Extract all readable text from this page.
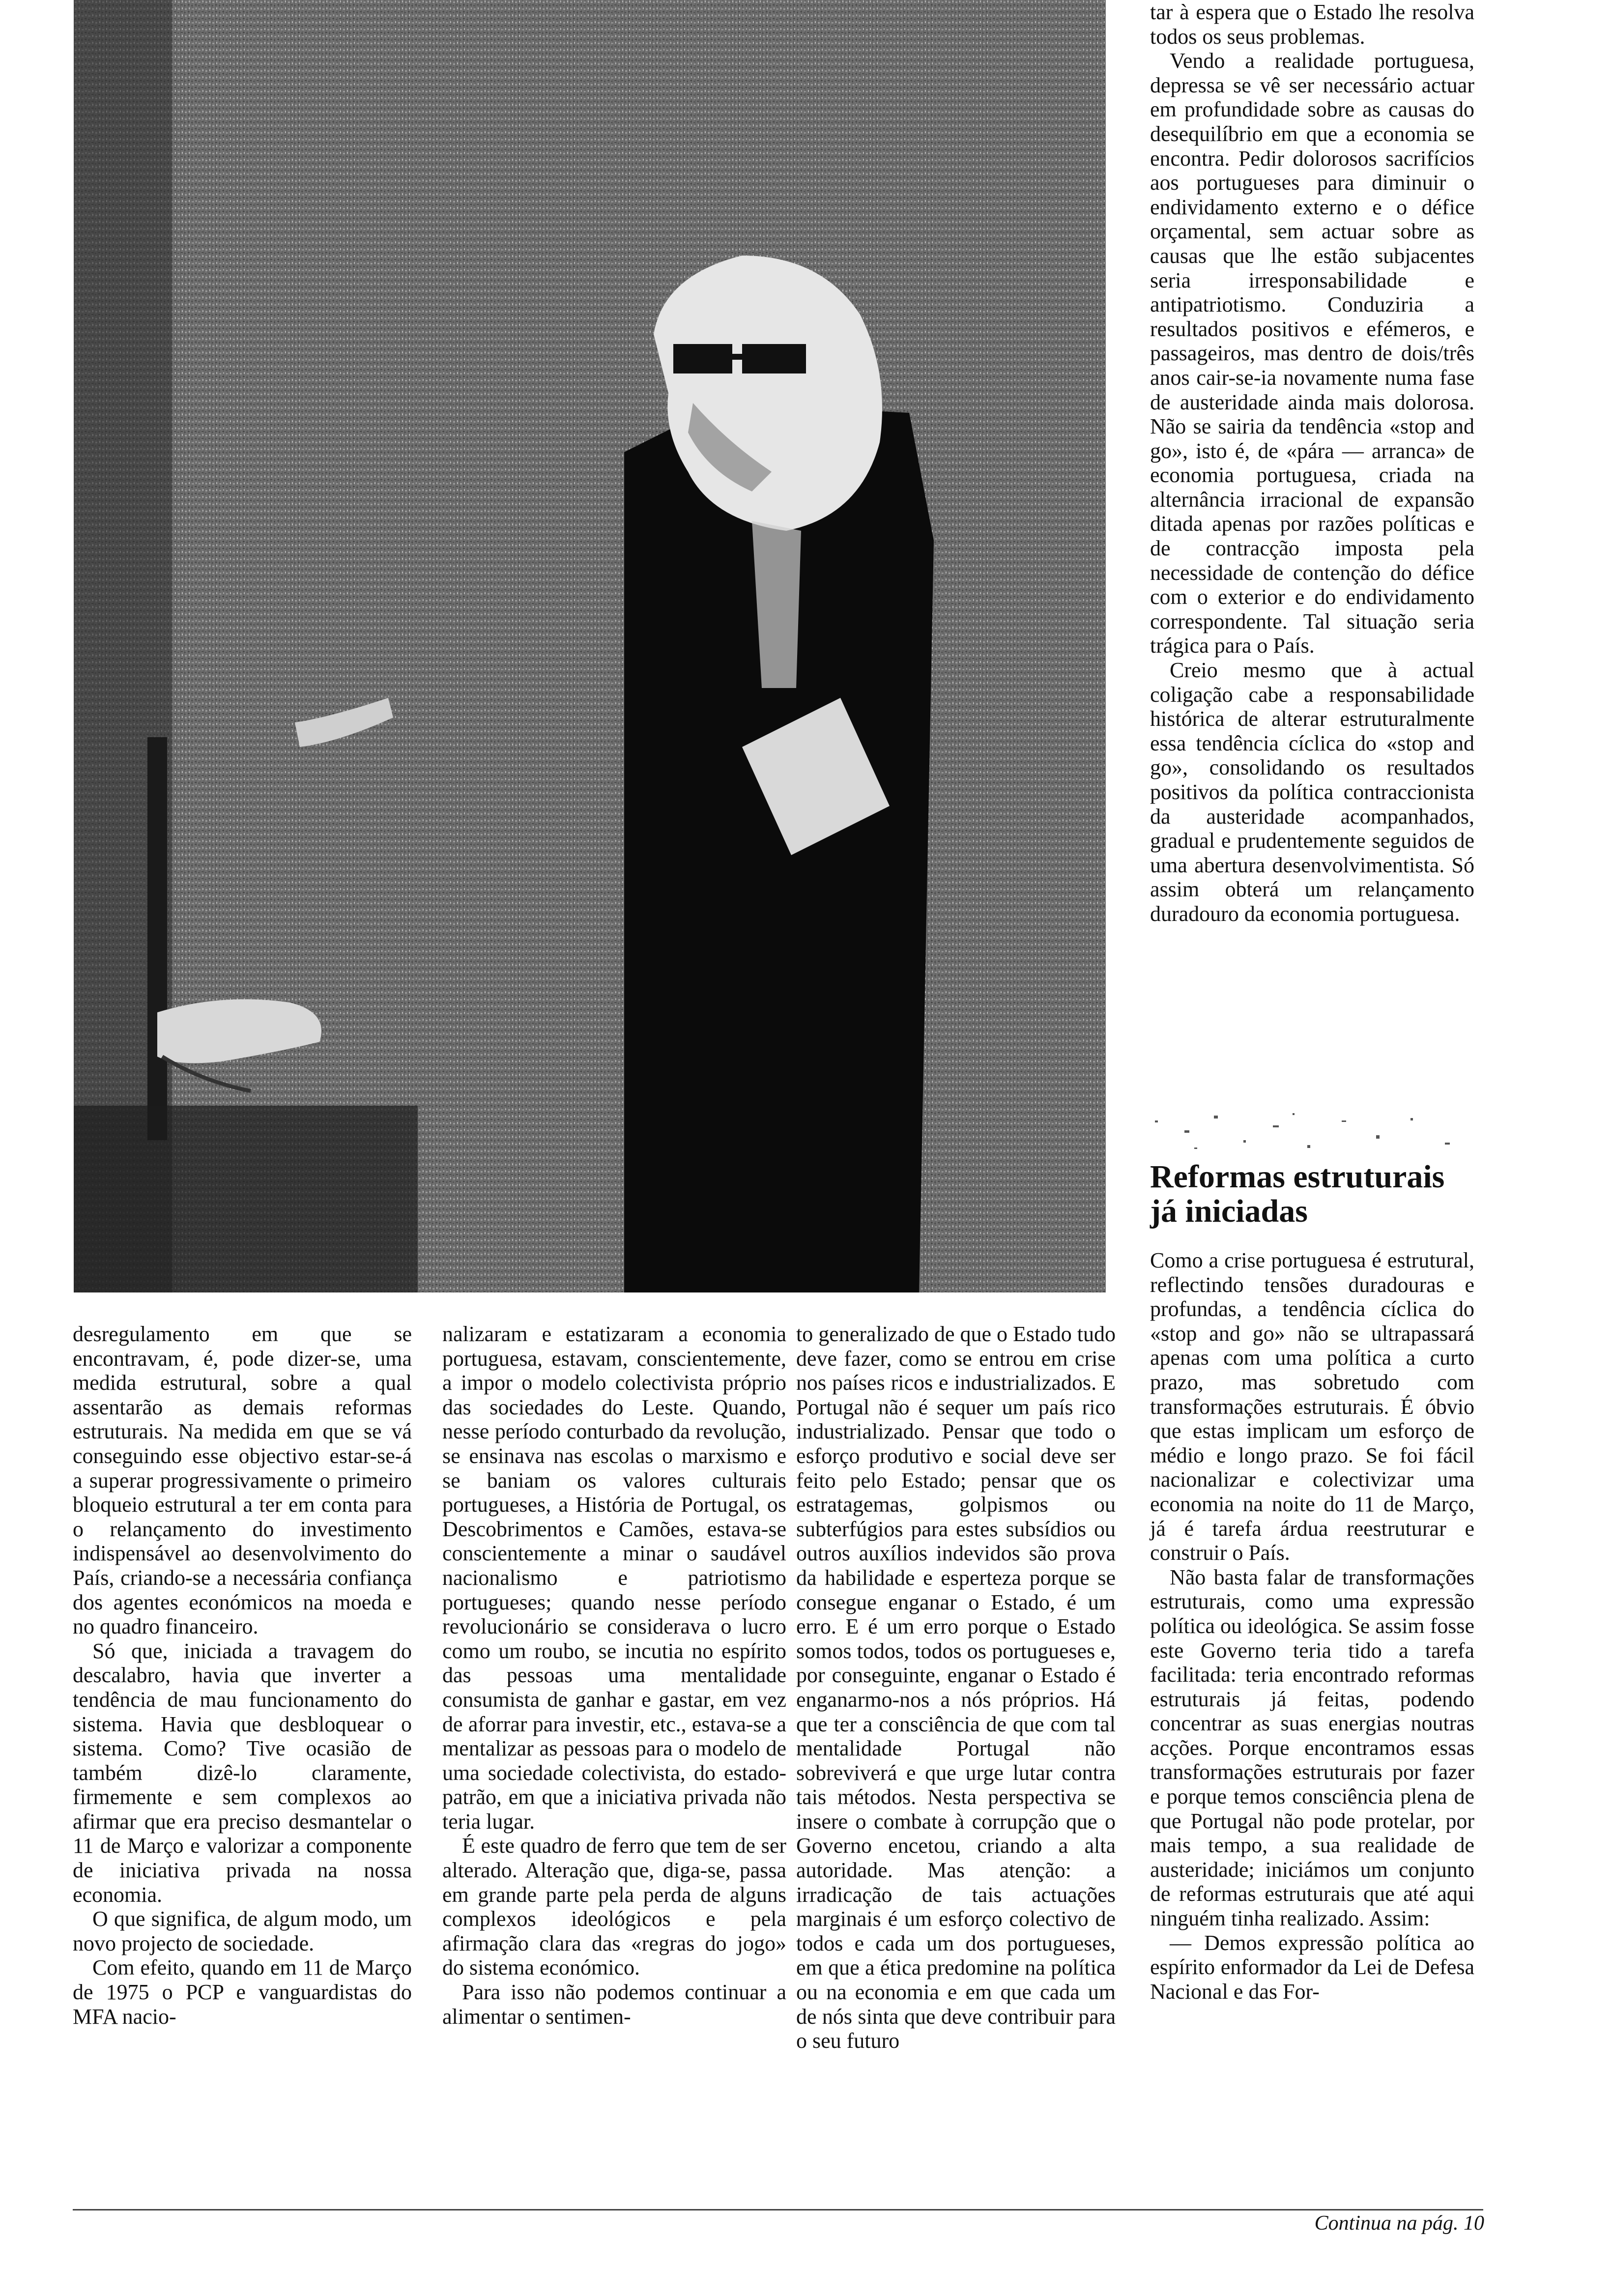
tar à espera que o Estado lhe resolva todos os seus problemas.

Vendo a realidade portuguesa, depressa se vê ser necessário actuar em profundidade sobre as causas do desequilíbrio em que a economia se encontra. Pedir dolorosos sacrifícios aos portugueses para diminuir o endividamento externo e o défice orçamental, sem actuar sobre as causas que lhe estão subjacentes seria irresponsabilidade e antipatriotismo. Conduziria a resultados positivos e efémeros, e passageiros, mas dentro de dois/três anos cair-se-ia novamente numa fase de austeridade ainda mais dolorosa. Não se sairia da tendência «stop and go», isto é, de «pára — arranca» de economia portuguesa, criada na alternância irracional de expansão ditada apenas por razões políticas e de contracção imposta pela necessidade de contenção do défice com o exterior e do endividamento correspondente. Tal situação seria trágica para o País.

Creio mesmo que à actual coligação cabe a responsabilidade histórica de alterar estruturalmente essa tendência cíclica do «stop and go», consolidando os resultados positivos da política contraccionista da austeridade acompanhados, gradual e prudentemente seguidos de uma abertura desenvolvimentista. Só assim obterá um relançamento duradouro da economia portuguesa.

Reformas estruturais já iniciadas

desregulamento em que se encontravam, é, pode dizer-se, uma medida estrutural, sobre a qual assentarão as demais reformas estruturais. Na medida em que se vá conseguindo esse objectivo estar-se-á a superar progressivamente o primeiro bloqueio estrutural a ter em conta para o relançamento do investimento indispensável ao desenvolvimento do País, criando-se a necessária confiança dos agentes económicos na moeda e no quadro financeiro.

Só que, iniciada a travagem do descalabro, havia que inverter a tendência de mau funcionamento do sistema. Havia que desbloquear o sistema. Como? Tive ocasião de também dizê-lo claramente, firmemente e sem complexos ao afirmar que era preciso desmantelar o 11 de Março e valorizar a componente de iniciativa privada na nossa economia.

O que significa, de algum modo, um novo projecto de sociedade.

Com efeito, quando em 11 de Março de 1975 o PCP e vanguardistas do MFA nacio-

nalizaram e estatizaram a economia portuguesa, estavam, conscientemente, a impor o modelo colectivista próprio das sociedades do Leste. Quando, nesse período conturbado da revolução, se ensinava nas escolas o marxismo e se baniam os valores culturais portugueses, a História de Portugal, os Descobrimentos e Camões, estava-se conscientemente a minar o saudável nacionalismo e patriotismo portugueses; quando nesse período revolucionário se considerava o lucro como um roubo, se incutia no espírito das pessoas uma mentalidade consumista de ganhar e gastar, em vez de aforrar para investir, etc., estava-se a mentalizar as pessoas para o modelo de uma sociedade colectivista, do estado-patrão, em que a iniciativa privada não teria lugar.

É este quadro de ferro que tem de ser alterado. Alteração que, diga-se, passa em grande parte pela perda de alguns complexos ideológicos e pela afirmação clara das «regras do jogo» do sistema económico.

Para isso não podemos continuar a alimentar o sentimen-

to generalizado de que o Estado tudo deve fazer, como se entrou em crise nos países ricos e industrializados. E Portugal não é sequer um país rico industrializado. Pensar que todo o esforço produtivo e social deve ser feito pelo Estado; pensar que os estratagemas, golpismos ou subterfúgios para estes subsídios ou outros auxílios indevidos são prova da habilidade e esperteza porque se consegue enganar o Estado, é um erro. E é um erro porque o Estado somos todos, todos os portugueses e, por conseguinte, enganar o Estado é enganarmo-nos a nós próprios. Há que ter a consciência de que com tal mentalidade Portugal não sobreviverá e que urge lutar contra tais métodos. Nesta perspectiva se insere o combate à corrupção que o Governo encetou, criando a alta autoridade. Mas atenção: a irradicação de tais actuações marginais é um esforço colectivo de todos e cada um dos portugueses, em que a ética predomine na política ou na economia e em que cada um de nós sinta que deve contribuir para o seu futuro

Como a crise portuguesa é estrutural, reflectindo tensões duradouras e profundas, a tendência cíclica do «stop and go» não se ultrapassará apenas com uma política a curto prazo, mas sobretudo com transformações estruturais. É óbvio que estas implicam um esforço de médio e longo prazo. Se foi fácil nacionalizar e colectivizar uma economia na noite do 11 de Março, já é tarefa árdua reestruturar e construir o País.

Não basta falar de transformações estruturais, como uma expressão política ou ideológica. Se assim fosse este Governo teria tido a tarefa facilitada: teria encontrado reformas estruturais já feitas, podendo concentrar as suas energias noutras acções. Porque encontramos essas transformações estruturais por fazer e porque temos consciência plena de que Portugal não pode protelar, por mais tempo, a sua realidade de austeridade; iniciámos um conjunto de reformas estruturais que até aqui ninguém tinha realizado. Assim:

— Demos expressão política ao espírito enformador da Lei de Defesa Nacional e das For-

Continua na pág. 10
